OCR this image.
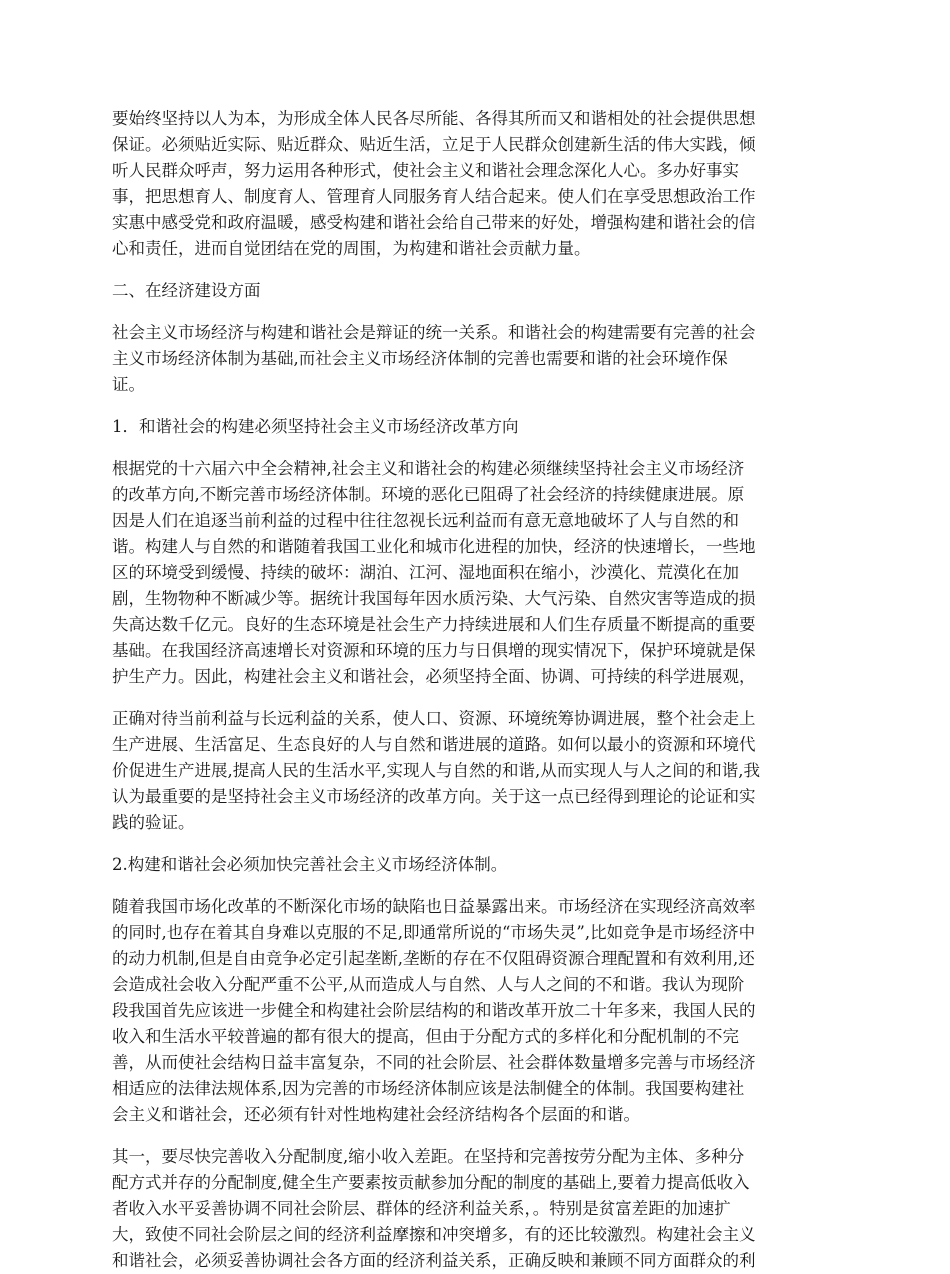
要始终坚持以人为本，为形成全体人民各尽所能、各得其所而又和谐相处的社会提供思想
保证。必须贴近实际、贴近群众、贴近生活，立足于人民群众创建新生活的伟大实践，倾
听人民群众呼声，努力运用各种形式，使社会主义和谐社会理念深化人心。多办好事实
事，把思想育人、制度育人、管理育人同服务育人结合起来。使人们在享受思想政治工作
实惠中感受党和政府温暖，感受构建和谐社会给自己带来的好处，增强构建和谐社会的信
心和责任，进而自觉团结在党的周围，为构建和谐社会贡献力量。

二、在经济建设方面

社会主义市场经济与构建和谐社会是辩证的统一关系。和谐社会的构建需要有完善的社会
主义市场经济体制为基础,而社会主义市场经济体制的完善也需要和谐的社会环境作保
证。

1．和谐社会的构建必须坚持社会主义市场经济改革方向

根据党的十六届六中全会精神,社会主义和谐社会的构建必须继续坚持社会主义市场经济
的改革方向,不断完善市场经济体制。环境的恶化已阻碍了社会经济的持续健康进展。原
因是人们在追逐当前利益的过程中往往忽视长远利益而有意无意地破坏了人与自然的和
谐。构建人与自然的和谐随着我国工业化和城市化进程的加快，经济的快速增长，一些地
区的环境受到缓慢、持续的破坏：湖泊、江河、湿地面积在缩小，沙漠化、荒漠化在加
剧，生物物种不断减少等。据统计我国每年因水质污染、大气污染、自然灾害等造成的损
失高达数千亿元。良好的生态环境是社会生产力持续进展和人们生存质量不断提高的重要
基础。在我国经济高速增长对资源和环境的压力与日俱增的现实情况下，保护环境就是保
护生产力。因此，构建社会主义和谐社会，必须坚持全面、协调、可持续的科学进展观，

正确对待当前利益与长远利益的关系，使人口、资源、环境统筹协调进展，整个社会走上
生产进展、生活富足、生态良好的人与自然和谐进展的道路。如何以最小的资源和环境代
价促进生产进展,提高人民的生活水平,实现人与自然的和谐,从而实现人与人之间的和谐,我
认为最重要的是坚持社会主义市场经济的改革方向。关于这一点已经得到理论的论证和实
践的验证。

2.构建和谐社会必须加快完善社会主义市场经济体制。

随着我国市场化改革的不断深化市场的缺陷也日益暴露出来。市场经济在实现经济高效率
的同时,也存在着其自身难以克服的不足,即通常所说的“市场失灵”,比如竞争是市场经济中
的动力机制,但是自由竞争必定引起垄断,垄断的存在不仅阻碍资源合理配置和有效利用,还
会造成社会收入分配严重不公平,从而造成人与自然、人与人之间的不和谐。我认为现阶
段我国首先应该进一步健全和构建社会阶层结构的和谐改革开放二十年多来，我国人民的
收入和生活水平较普遍的都有很大的提高，但由于分配方式的多样化和分配机制的不完
善，从而使社会结构日益丰富复杂，不同的社会阶层、社会群体数量增多完善与市场经济
相适应的法律法规体系,因为完善的市场经济体制应该是法制健全的体制。我国要构建社
会主义和谐社会，还必须有针对性地构建社会经济结构各个层面的和谐。

其一，要尽快完善收入分配制度,缩小收入差距。在坚持和完善按劳分配为主体、多种分
配方式并存的分配制度,健全生产要素按贡献参加分配的制度的基础上,要着力提高低收入
者收入水平妥善协调不同社会阶层、群体的经济利益关系，。特别是贫富差距的加速扩
大，致使不同社会阶层之间的经济利益摩擦和冲突增多，有的还比较激烈。构建社会主义
和谐社会，必须妥善协调社会各方面的经济利益关系，正确反映和兼顾不同方面群众的利
